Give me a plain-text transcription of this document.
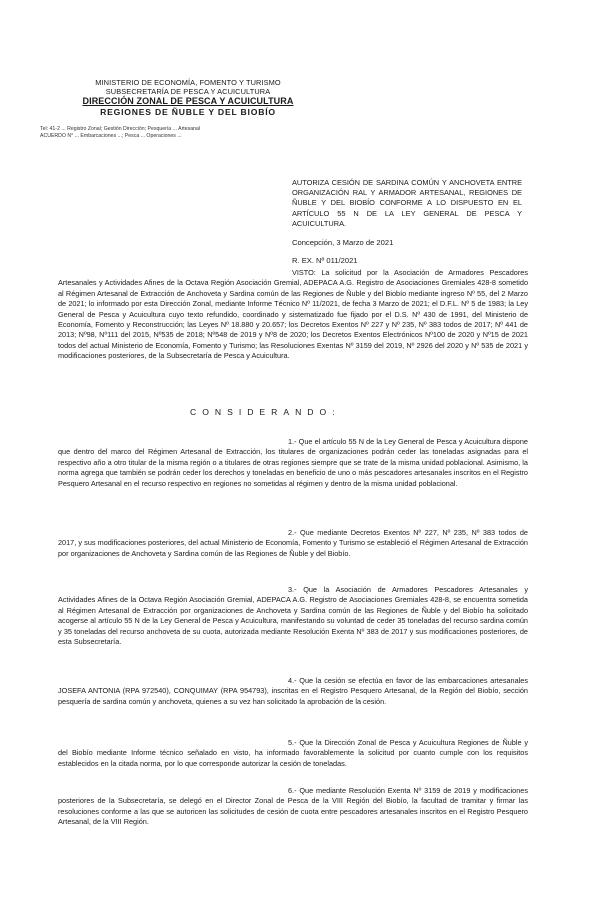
MINISTERIO DE ECONOMÍA, FOMENTO Y TURISMO
SUBSECRETARÍA DE PESCA Y ACUICULTURA
DIRECCIÓN ZONAL DE PESCA Y ACUICULTURA
REGIONES DE ÑUBLE Y DEL BIOBÍO
Tel: 41-2 ... Registro Zonal; Gestión Dirección; Pesquería ... Artesanal
ACUERDO N° ... Embarcaciones ...; Pesca ... Operaciones ...
AUTORIZA CESIÓN DE SARDINA COMÚN Y ANCHOVETA ENTRE ORGANIZACIÓN RAL Y ARMADOR ARTESANAL, REGIONES DE ÑUBLE Y DEL BIOBÍO CONFORME A LO DISPUESTO EN EL ARTÍCULO 55 N DE LA LEY GENERAL DE PESCA Y ACUICULTURA.
Concepción, 3 Marzo de 2021
R. EX. Nº 011/2021
VISTO: La solicitud por la Asociación de Armadores Pescadores Artesanales y Actividades Afines de la Octava Región Asociación Gremial, ADEPACA A.G. Registro de Asociaciones Gremiales 428-8 sometido al Régimen Artesanal de Extracción de Anchoveta y Sardina común de las Regiones de Ñuble y del Biobío mediante ingreso Nº 55, del 2 Marzo de 2021; lo informado por esta Dirección Zonal, mediante Informe Técnico Nº 11/2021, de fecha 3 Marzo de 2021; el D.F.L. Nº 5 de 1983; la Ley General de Pesca y Acuicultura cuyo texto refundido, coordinado y sistematizado fue fijado por el D.S. Nº 430 de 1991, del Ministerio de Economía, Fomento y Reconstrucción; las Leyes Nº 18.880 y 20.657; los Decretos Exentos Nº 227 y Nº 235, Nº 383 todos de 2017; Nº 441 de 2013; Nº98, Nº111 del 2015, Nº535 de 2018; Nº548 de 2019 y Nº8 de 2020; los Decretos Exentos Electrónicos Nº100 de 2020 y Nº15 de 2021 todos del actual Ministerio de Economía, Fomento y Turismo; las Resoluciones Exentas Nº 3159 del 2019, Nº 2926 del 2020 y Nº 535 de 2021 y modificaciones posteriores, de la Subsecretaría de Pesca y Acuicultura.
CONSIDERANDO:
1.- Que el artículo 55 N de la Ley General de Pesca y Acuicultura dispone que dentro del marco del Régimen Artesanal de Extracción, los titulares de organizaciones podrán ceder las toneladas asignadas para el respectivo año a otro titular de la misma región o a titulares de otras regiones siempre que se trate de la misma unidad poblacional. Asimismo, la norma agrega que también se podrán ceder los derechos y toneladas en beneficio de uno o más pescadores artesanales inscritos en el Registro Pesquero Artesanal en el recurso respectivo en regiones no sometidas al régimen y dentro de la misma unidad poblacional.
2.- Que mediante Decretos Exentos Nº 227, Nº 235, Nº 383 todos de 2017, y sus modificaciones posteriores, del actual Ministerio de Economía, Fomento y Turismo se estableció el Régimen Artesanal de Extracción por organizaciones de Anchoveta y Sardina común de las Regiones de Ñuble y del Biobío.
3.- Que la Asociación de Armadores Pescadores Artesanales y Actividades Afines de la Octava Región Asociación Gremial, ADEPACA A.G. Registro de Asociaciones Gremiales 428-8, se encuentra sometida al Régimen Artesanal de Extracción por organizaciones de Anchoveta y Sardina común de las Regiones de Ñuble y del Biobío ha solicitado acogerse al artículo 55 N de la Ley General de Pesca y Acuicultura, manifestando su voluntad de ceder 35 toneladas del recurso sardina común y 35 toneladas del recurso anchoveta de su cuota, autorizada mediante Resolución Exenta Nº 383 de 2017 y sus modificaciones posteriores, de esta Subsecretaría.
4.- Que la cesión se efectúa en favor de las embarcaciones artesanales JOSEFA ANTONIA (RPA 972540), CONQUIMAY (RPA 954793), inscritas en el Registro Pesquero Artesanal, de la Región del Biobío, sección pesquería de sardina común y anchoveta, quienes a su vez han solicitado la aprobación de la cesión.
5.- Que la Dirección Zonal de Pesca y Acuicultura Regiones de Ñuble y del Biobío mediante Informe técnico señalado en visto, ha informado favorablemente la solicitud por cuanto cumple con los requisitos establecidos en la citada norma, por lo que corresponde autorizar la cesión de toneladas.
6.- Que mediante Resolución Exenta Nº 3159 de 2019 y modificaciones posteriores de la Subsecretaría, se delegó en el Director Zonal de Pesca de la VIII Región del Biobío, la facultad de tramitar y firmar las resoluciones conforme a las que se autoricen las solicitudes de cesión de cuota entre pescadores artesanales inscritos en el Registro Pesquero Artesanal, de la VIII Región.
